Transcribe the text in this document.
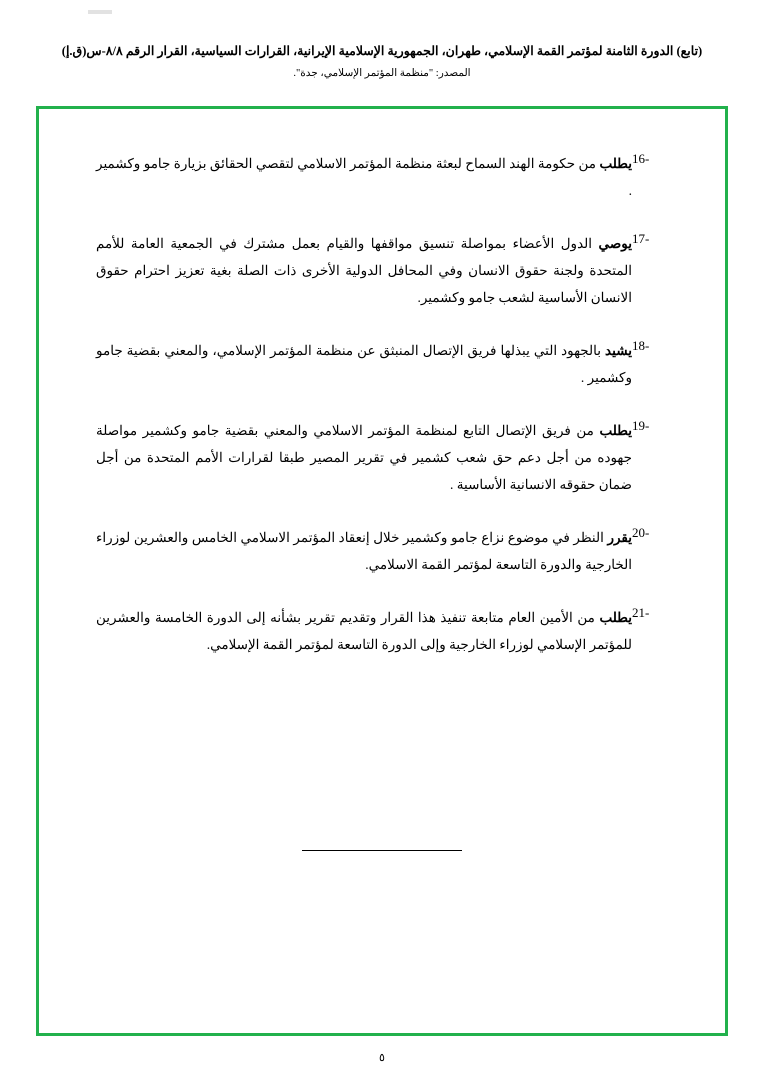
(تابع) الدورة الثامنة لمؤتمر القمة الإسلامي، طهران، الجمهورية الإسلامية الإيرانية، القرارات السياسية، القرار الرقم ٨/٨-س(ق.إ)
المصدر: "منظمة المؤتمر الإسلامي، جدة".
-16
يطلب من حكومة الهند السماح لبعثة منظمة المؤتمر الاسلامي لتقصي الحقائق بزيارة جامو وكشمير .
-17
يوصي الدول الأعضاء بمواصلة تنسيق مواقفها والقيام بعمل مشترك في الجمعية العامة للأمم المتحدة ولجنة حقوق الانسان وفي المحافل الدولية الأخرى ذات الصلة بغية تعزيز احترام حقوق الانسان الأساسية لشعب جامو وكشمير.
-18
يشيد بالجهود التي يبذلها فريق الإتصال المنبثق عن منظمة المؤتمر الإسلامي، والمعني بقضية جامو وكشمير .
-19
يطلب من فريق الإتصال التابع لمنظمة المؤتمر الاسلامي والمعني بقضية جامو وكشمير مواصلة جهوده من أجل دعم حق شعب كشمير في تقرير المصير طبقا لقرارات الأمم المتحدة من أجل ضمان حقوقه الانسانية الأساسية .
-20
يقرر النظر في موضوع نزاع جامو وكشمير خلال إنعقاد المؤتمر الاسلامي الخامس والعشرين لوزراء الخارجية والدورة التاسعة لمؤتمر القمة الاسلامي.
-21
يطلب من الأمين العام متابعة تنفيذ هذا القرار وتقديم تقرير بشأنه إلى الدورة الخامسة والعشرين للمؤتمر الإسلامي لوزراء الخارجية وإلى الدورة التاسعة لمؤتمر القمة الإسلامي.
٥
